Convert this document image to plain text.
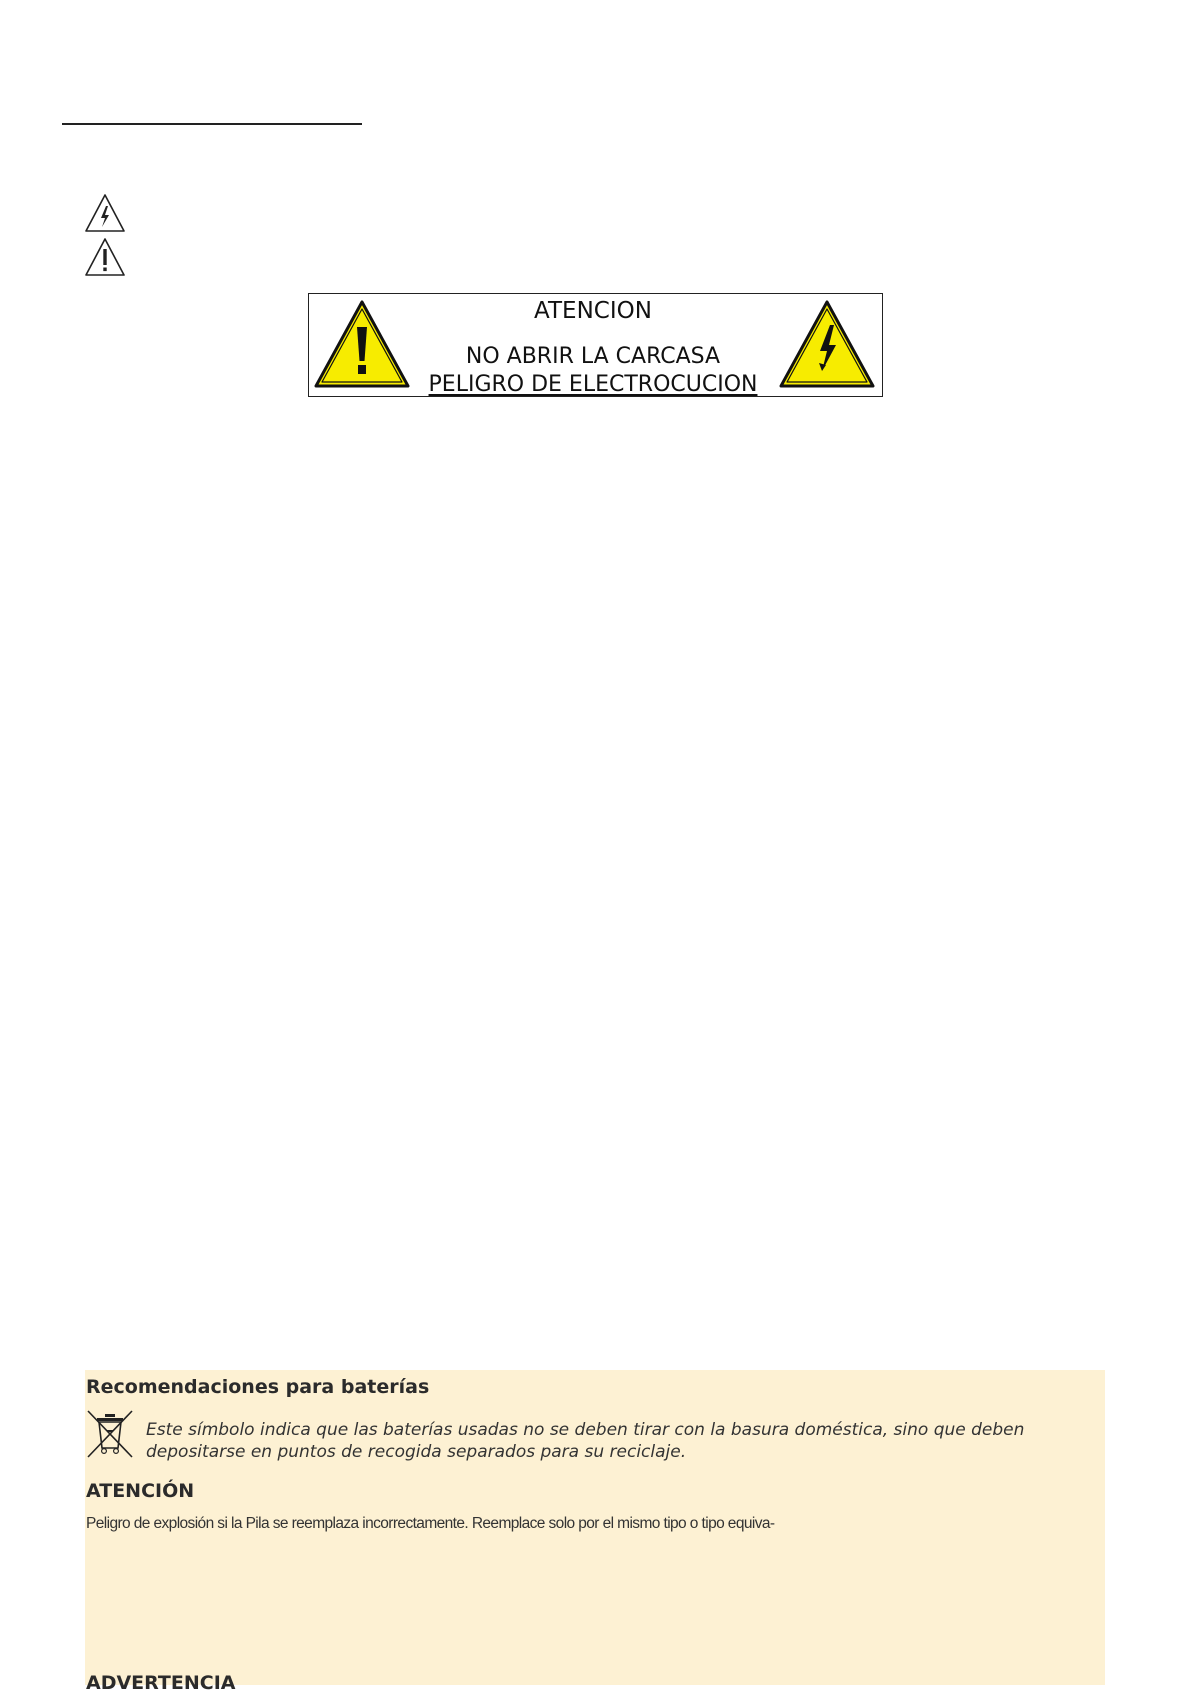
ATENCION
NO ABRIR LA CARCASA
PELIGRO DE ELECTROCUCION
Recomendaciones para baterías
Este símbolo indica que las baterías usadas no se deben tirar con la basura doméstica, sino que deben depositarse en puntos de recogida separados para su reciclaje.
ATENCIÓN
Peligro de explosión si la Pila se reemplaza incorrectamente. Reemplace solo por el mismo tipo o tipo equiva-
ADVERTENCIA
